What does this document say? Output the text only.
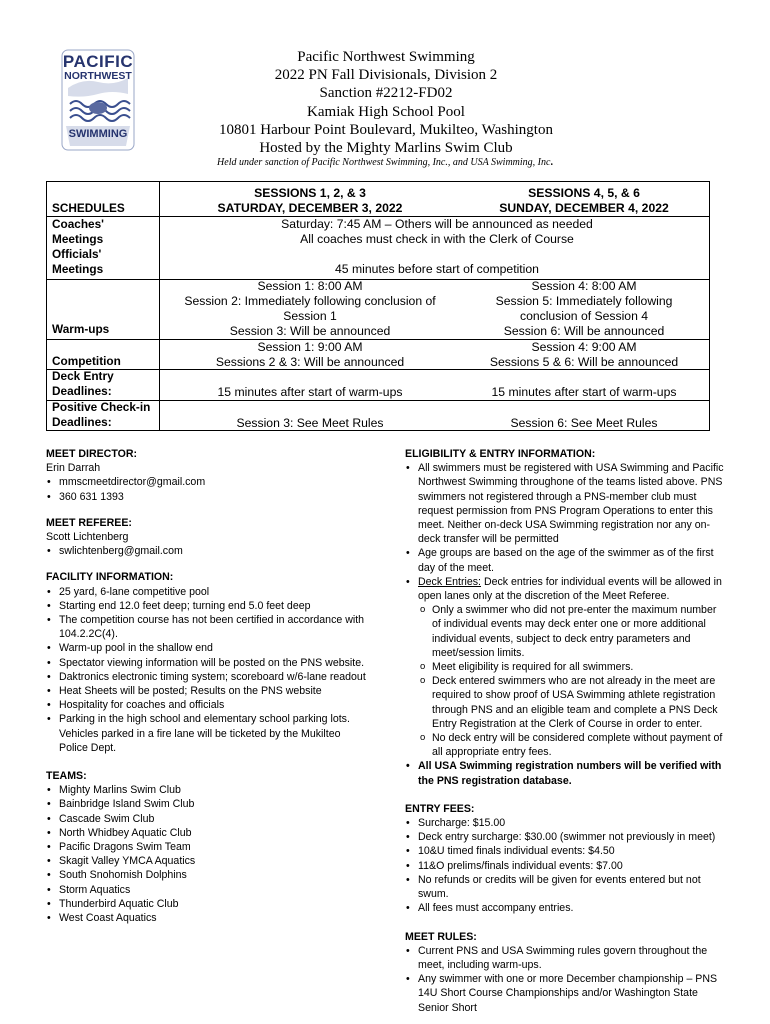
PACIFIC
NORTHWEST
SWIMMING
Pacific Northwest Swimming
2022 PN Fall Divisionals, Division 2
Sanction #2212-FD02
Kamiak High School Pool
10801 Harbour Point Boulevard, Mukilteo, Washington
Hosted by the Mighty Marlins Swim Club
Held under sanction of Pacific Northwest Swimming, Inc., and USA Swimming, Inc.
SESSIONS 1, 2, & 3
SATURDAY, DECEMBER 3, 2022
SESSIONS 4, 5, & 6
SUNDAY, DECEMBER 4, 2022
SCHEDULES
Coaches'
Meetings
Officials'
Meetings
Warm-ups
Competition
Deck Entry
Deadlines:
Positive Check-in
Deadlines:
Saturday: 7:45 AM – Others will be announced as needed
All coaches must check in with the Clerk of Course
45 minutes before start of competition
Session 1: 8:00 AM
Session 2: Immediately following conclusion of
Session 1
Session 3: Will be announced
Session 4: 8:00 AM
Session 5: Immediately following
conclusion of Session 4
Session 6: Will be announced
Session 1: 9:00 AM
Sessions 2 & 3: Will be announced
Session 4: 9:00 AM
Sessions 5 & 6: Will be announced
15 minutes after start of warm-ups	15 minutes after start of warm-ups
Session 3: See Meet Rules	Session 6: See Meet Rules
MEET DIRECTOR:
Erin Darrah
• mmscmeetdirector@gmail.com
• 360 631 1393
MEET REFEREE:
Scott Lichtenberg
• swlichtenberg@gmail.com
FACILITY INFORMATION:
• 25 yard, 6-lane competitive pool
• Starting end 12.0 feet deep; turning end 5.0 feet deep
• The competition course has not been certified in accordance with 104.2.2C(4).
• Warm-up pool in the shallow end
• Spectator viewing information will be posted on the PNS website.
• Daktronics electronic timing system; scoreboard w/6-lane readout
• Heat Sheets will be posted; Results on the PNS website
• Hospitality for coaches and officials
• Parking in the high school and elementary school parking lots. Vehicles parked in a fire lane will be ticketed by the Mukilteo Police Dept.
TEAMS:
• Mighty Marlins Swim Club
• Bainbridge Island Swim Club
• Cascade Swim Club
• North Whidbey Aquatic Club
• Pacific Dragons Swim Team
• Skagit Valley YMCA Aquatics
• South Snohomish Dolphins
• Storm Aquatics
• Thunderbird Aquatic Club
• West Coast Aquatics
ELIGIBILITY & ENTRY INFORMATION:
• All swimmers must be registered with USA Swimming and Pacific Northwest Swimming throughone of the teams listed above. PNS swimmers not registered through a PNS-member club must request permission from PNS Program Operations to enter this meet. Neither on-deck USA Swimming registration nor any on-deck transfer will be permitted
• Age groups are based on the age of the swimmer as of the first day of the meet.
• Deck Entries: Deck entries for individual events will be allowed in open lanes only at the discretion of the Meet Referee.
o Only a swimmer who did not pre-enter the maximum number of individual events may deck enter one or more additional individual events, subject to deck entry parameters and meet/session limits.
o Meet eligibility is required for all swimmers.
o Deck entered swimmers who are not already in the meet are required to show proof of USA Swimming athlete registration through PNS and an eligible team and complete a PNS Deck Entry Registration at the Clerk of Course in order to enter.
o No deck entry will be considered complete without payment of all appropriate entry fees.
• All USA Swimming registration numbers will be verified with the PNS registration database.
ENTRY FEES:
• Surcharge: $15.00
• Deck entry surcharge: $30.00 (swimmer not previously in meet)
• 10&U timed finals individual events: $4.50
• 11&O prelims/finals individual events: $7.00
• No refunds or credits will be given for events entered but not swum.
• All fees must accompany entries.
MEET RULES:
• Current PNS and USA Swimming rules govern throughout the meet, including warm-ups.
• Any swimmer with one or more December championship – PNS 14U Short Course Championships and/or Washington State Senior Short
